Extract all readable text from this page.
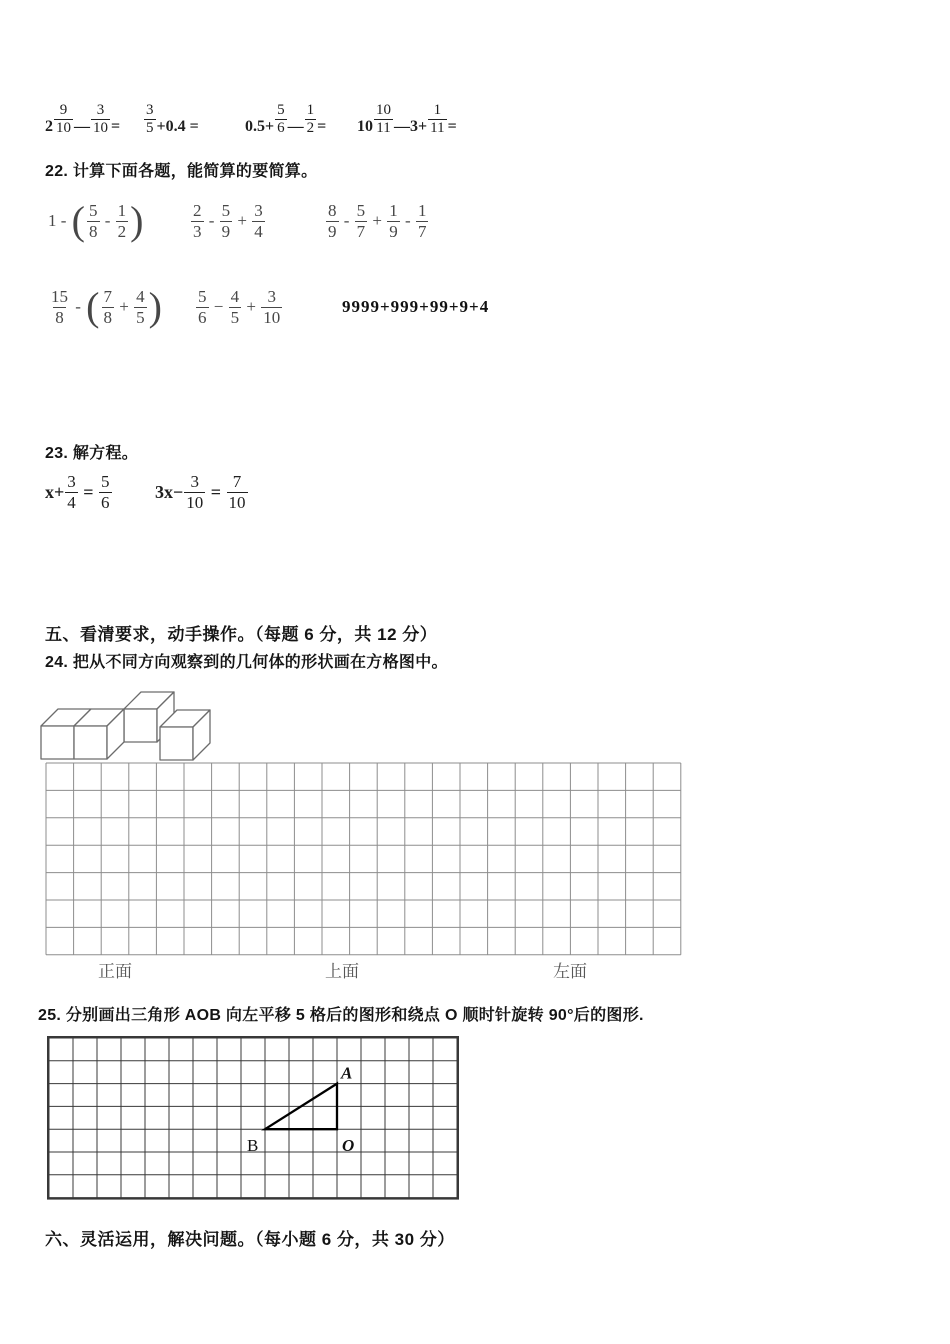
$2 \frac{9}{10}$ — $\frac{3}{10} = \frac{3}{5} +0.4$ =	$0.5+ \frac{5}{6}$ — $\frac{1}{2} = 10 \frac{10}{11}$ —3+ $\frac{1}{11}$ =
22. 计算下面各题，能简算的要简算。
1 - ( $\frac{5}{8} - \frac{1}{2}$ )	$\frac{2}{3} - \frac{5}{9} + \frac{3}{4}$	$\frac{8}{9} - \frac{5}{7} + \frac{1}{9} - \frac{1}{7}$
$\frac{15}{8}$ - ( $\frac{7}{8} + \frac{4}{5}$ ) $\frac{5}{6} - \frac{4}{5} + \frac{3}{10}$	9999+999+99+9+4
23. 解方程。
$x+ \frac{3}{4} = \frac{5}{6} 3x- \frac{3}{10} = \frac{7}{10}$
五、看清要求，动手操作。（每题 6 分，共 12 分）
24. 把从不同方向观察到的几何体的形状画在方格图中。
正面	上面	左面
25. 分别画出三角形 AOB 向左平移 5 格后的图形和绕点 O 顺时针旋转 90°后的图形.
A
B	O
六、灵活运用，解决问题。（每小题 6 分，共 30 分）
